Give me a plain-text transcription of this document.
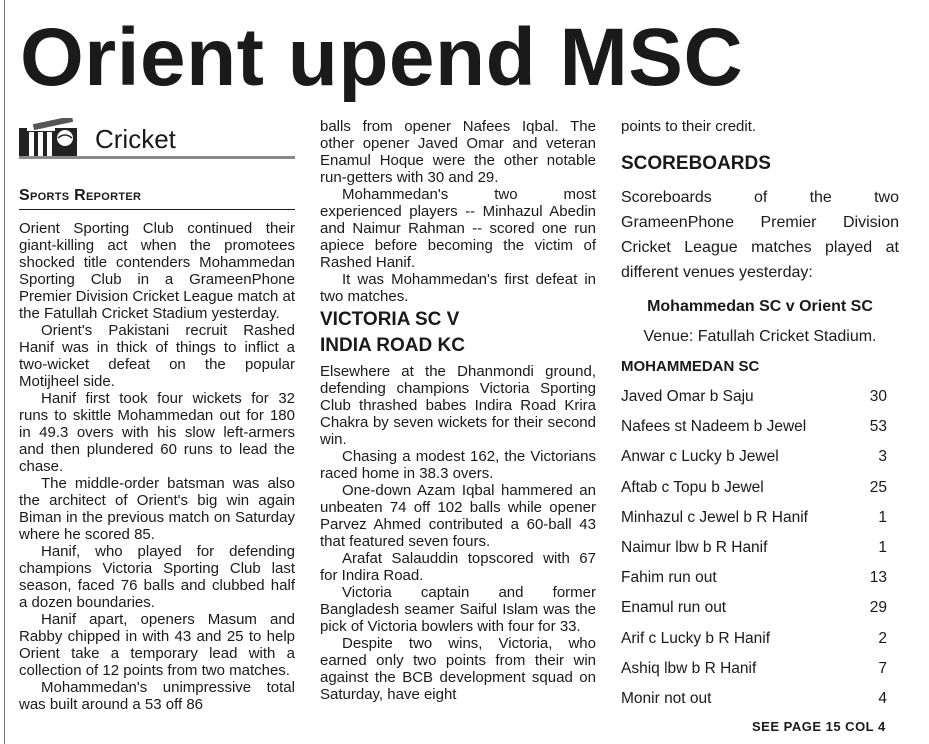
Orient upend MSC
Cricket
Sports Reporter

Orient Sporting Club continued their giant-killing act when the promotees shocked title contenders Mohammedan Sporting Club in a GrameenPhone Premier Division Cricket League match at the Fatullah Cricket Stadium yesterday.

Orient's Pakistani recruit Rashed Hanif was in thick of things to inflict a two-wicket defeat on the popular Motijheel side.

Hanif first took four wickets for 32 runs to skittle Mohammedan out for 180 in 49.3 overs with his slow left-armers and then plundered 60 runs to lead the chase.

The middle-order batsman was also the architect of Orient's big win again Biman in the previous match on Saturday where he scored 85.

Hanif, who played for defending champions Victoria Sporting Club last season, faced 76 balls and clubbed half a dozen boundaries.

Hanif apart, openers Masum and Rabby chipped in with 43 and 25 to help Orient take a temporary lead with a collection of 12 points from two matches.

Mohammedan's unimpressive total was built around a 53 off 86

balls from opener Nafees Iqbal. The other opener Javed Omar and veteran Enamul Hoque were the other notable run-getters with 30 and 29.

Mohammedan's two most experienced players -- Minhazul Abedin and Naimur Rahman -- scored one run apiece before becoming the victim of Rashed Hanif.

It was Mohammedan's first defeat in two matches.

VICTORIA SC V
INDIA ROAD KC

Elsewhere at the Dhanmondi ground, defending champions Victoria Sporting Club thrashed babes Indira Road Krira Chakra by seven wickets for their second win.

Chasing a modest 162, the Victorians raced home in 38.3 overs.

One-down Azam Iqbal hammered an unbeaten 74 off 102 balls while opener Parvez Ahmed contributed a 60-ball 43 that featured seven fours.

Arafat Salauddin topscored with 67 for Indira Road.

Victoria captain and former Bangladesh seamer Saiful Islam was the pick of Victoria bowlers with four for 33.

Despite two wins, Victoria, who earned only two points from their win against the BCB development squad on Saturday, have eight

points to their credit.

SCOREBOARDS
Scoreboards of the two GrameenPhone Premier Division Cricket League matches played at different venues yesterday:
Mohammedan SC v Orient SC
Venue: Fatullah Cricket Stadium.
MOHAMMEDAN SC
Javed Omar b Saju	30
Nafees st Nadeem b Jewel	53
Anwar c Lucky b Jewel	3
Aftab c Topu b Jewel	25
Minhazul c Jewel b R Hanif	1
Naimur lbw b R Hanif	1
Fahim run out	13
Enamul run out	29
Arif c Lucky b R Hanif	2
Ashiq lbw b R Hanif	7
Monir not out	4
SEE PAGE 15 COL 4
